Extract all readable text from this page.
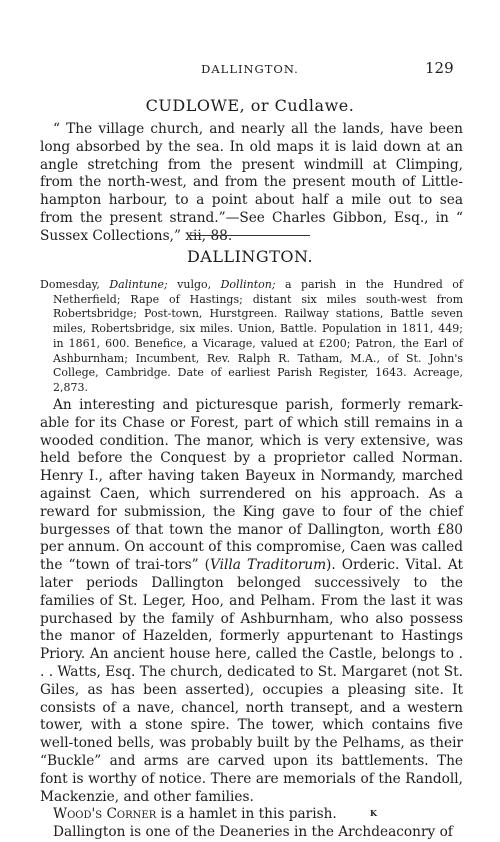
DALLINGTON.	129
CUDLOWE, or Cudlawe.

“ The village church, and nearly all the lands, have been long absorbed by the sea. In old maps it is laid down at an angle stretching from the present windmill at Climping, from the north-west, and from the present mouth of Little-hampton harbour, to a point about half a mile out to sea from the present strand.”—See Charles Gibbon, Esq., in “ Sussex Collections,” xii, 88.

DALLINGTON.

Domesday, Dalintune; vulgo, Dollinton; a parish in the Hundred of Netherfield; Rape of Hastings; distant six miles south-west from Robertsbridge; Post-town, Hurstgreen. Railway stations, Battle seven miles, Robertsbridge, six miles. Union, Battle. Population in 1811, 449; in 1861, 600. Benefice, a Vicarage, valued at £200; Patron, the Earl of Ashburnham; Incumbent, Rev. Ralph R. Tatham, M.A., of St. John's College, Cambridge. Date of earliest Parish Register, 1643. Acreage, 2,873.

An interesting and picturesque parish, formerly remark-able for its Chase or Forest, part of which still remains in a wooded condition. The manor, which is very extensive, was held before the Conquest by a proprietor called Norman. Henry I., after having taken Bayeux in Normandy, marched against Caen, which surrendered on his approach. As a reward for submission, the King gave to four of the chief burgesses of that town the manor of Dallington, worth £80 per annum. On account of this compromise, Caen was called the “town of trai-tors” (Villa Traditorum). Orderic. Vital. At later periods Dallington belonged successively to the families of St. Leger, Hoo, and Pelham. From the last it was purchased by the family of Ashburnham, who also possess the manor of Hazelden, formerly appurtenant to Hastings Priory. An ancient house here, called the Castle, belongs to . . . Watts, Esq. The church, dedicated to St. Margaret (not St. Giles, as has been asserted), occupies a pleasing site. It consists of a nave, chancel, north transept, and a western tower, with a stone spire. The tower, which contains five well-toned bells, was probably built by the Pelhams, as their “Buckle” and arms are carved upon its battlements. The font is worthy of notice. There are memorials of the Randoll, Mackenzie, and other families.

Wood's Corner is a hamlet in this parish.

Dallington is one of the Deaneries in the Archdeaconry of

K
